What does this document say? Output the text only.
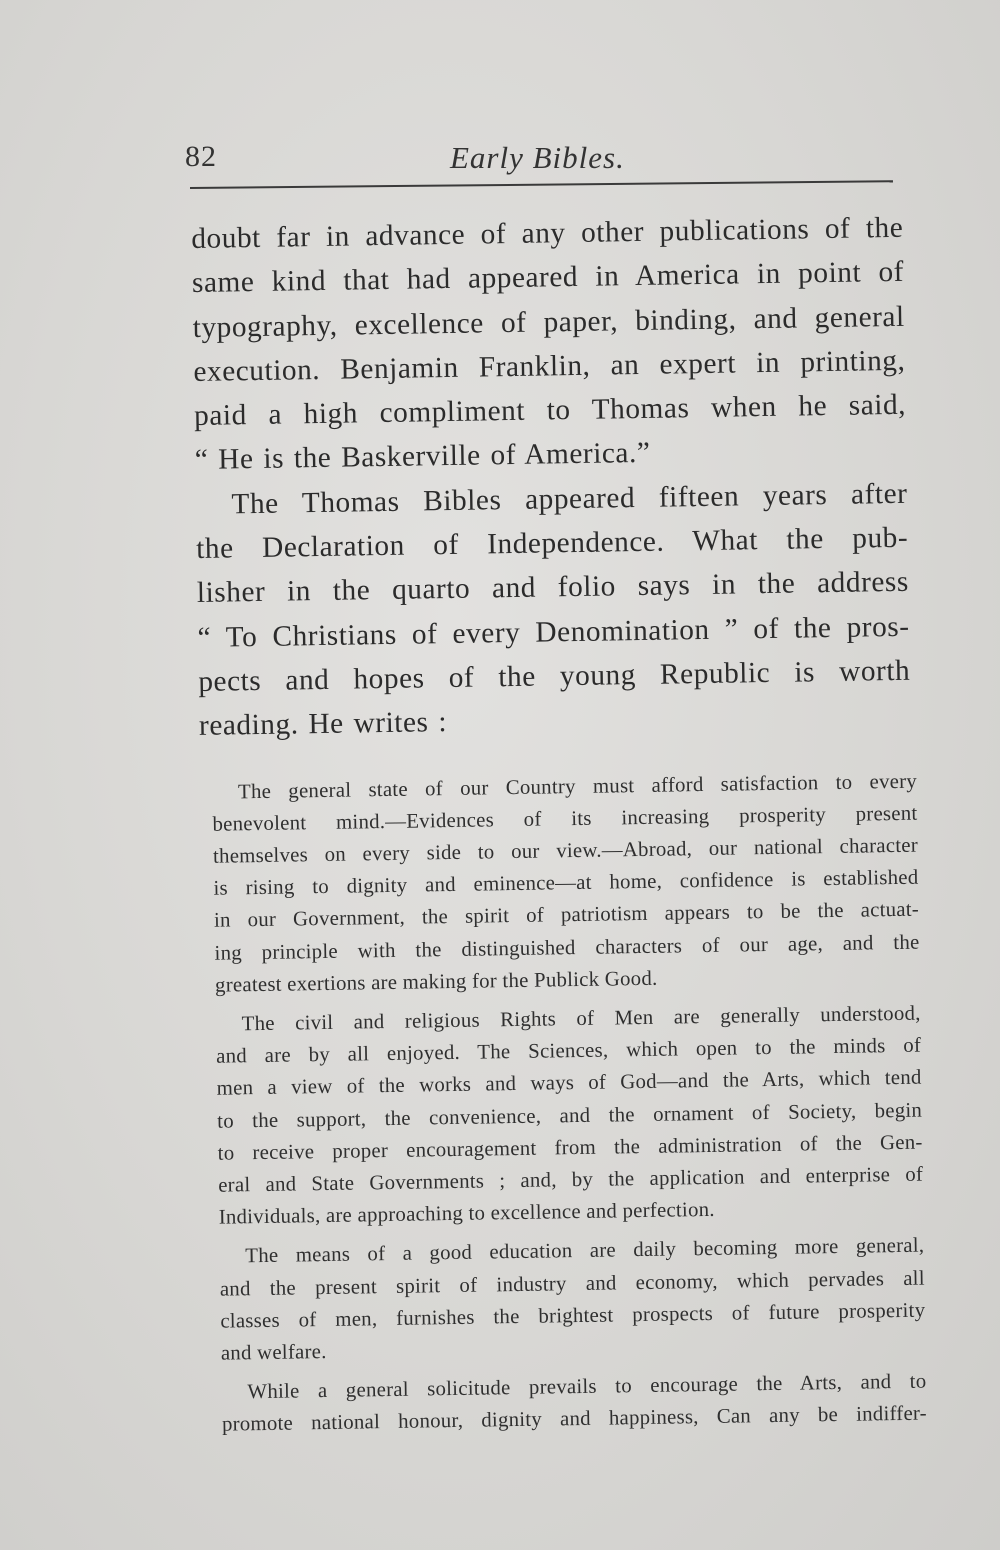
82	Early Bibles.

doubt far in advance of any other publications of the
same kind that had appeared in America in point of
typography, excellence of paper, binding, and general
execution. Benjamin Franklin, an expert in printing,
paid a high compliment to Thomas when he said,
“ He is the Baskerville of America.”

The Thomas Bibles appeared fifteen years after
the Declaration of Independence. What the pub-
lisher in the quarto and folio says in the address
“ To Christians of every Denomination ” of the pros-
pects and hopes of the young Republic is worth
reading. He writes :

The general state of our Country must afford satisfaction to every
benevolent mind.—Evidences of its increasing prosperity present
themselves on every side to our view.—Abroad, our national character
is rising to dignity and eminence—at home, confidence is established
in our Government, the spirit of patriotism appears to be the actuat-
ing principle with the distinguished characters of our age, and the
greatest exertions are making for the Publick Good.

The civil and religious Rights of Men are generally understood,
and are by all enjoyed. The Sciences, which open to the minds of
men a view of the works and ways of God—and the Arts, which tend
to the support, the convenience, and the ornament of Society, begin
to receive proper encouragement from the administration of the Gen-
eral and State Governments ; and, by the application and enterprise of
Individuals, are approaching to excellence and perfection.

The means of a good education are daily becoming more general,
and the present spirit of industry and economy, which pervades all
classes of men, furnishes the brightest prospects of future prosperity
and welfare.

While a general solicitude prevails to encourage the Arts, and to
promote national honour, dignity and happiness, Can any be indiffer-
